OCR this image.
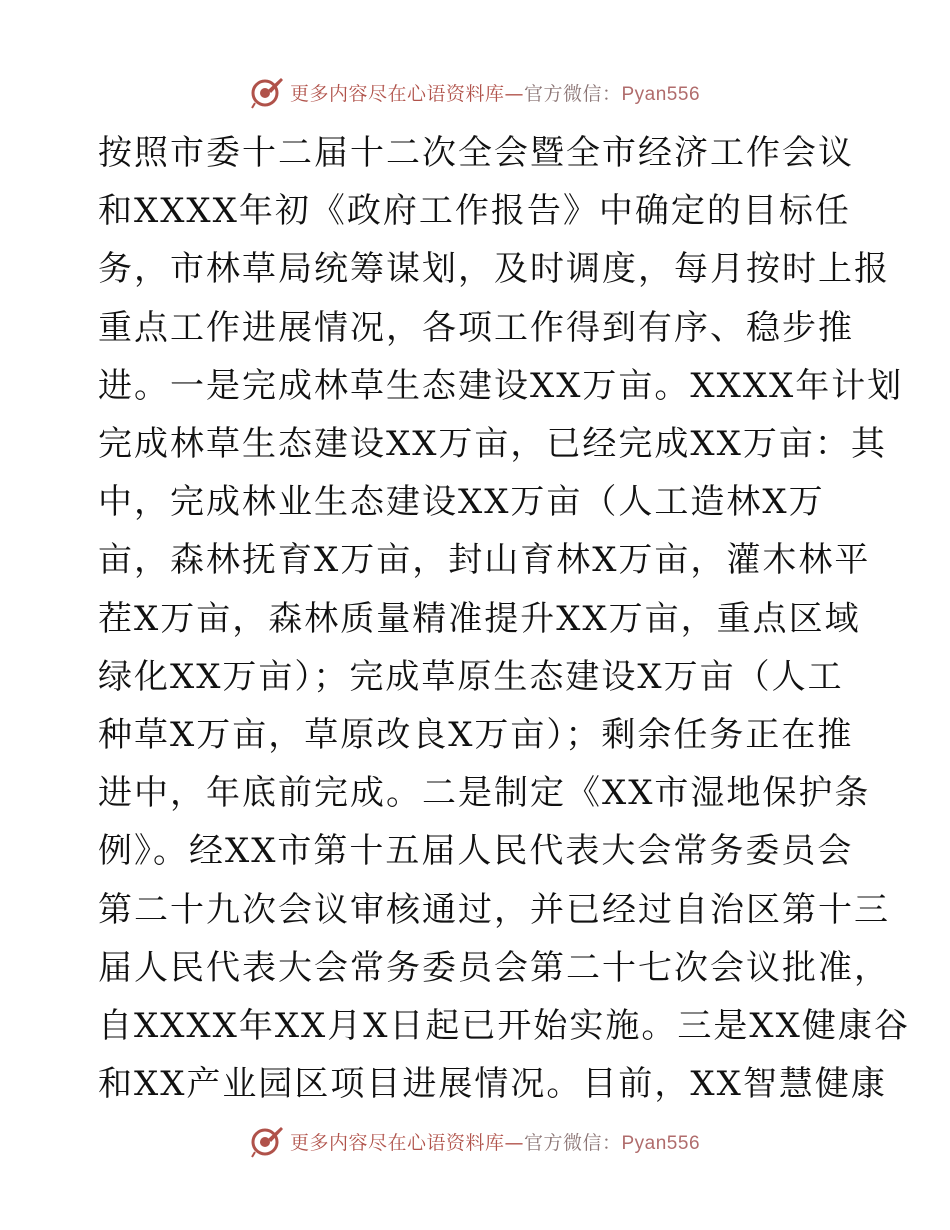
更多内容尽在心语资料库—官方微信：Pyan556
按照市委十二届十二次全会暨全市经济工作会议
和XXXX年初《政府工作报告》中确定的目标任
务，市林草局统筹谋划，及时调度，每月按时上报
重点工作进展情况，各项工作得到有序、稳步推
进。一是完成林草生态建设XX万亩。XXXX年计划
完成林草生态建设XX万亩，已经完成XX万亩：其
中，完成林业生态建设XX万亩（人工造林X万
亩，森林抚育X万亩，封山育林X万亩，灌木林平
茬X万亩，森林质量精准提升XX万亩，重点区域
绿化XX万亩）；完成草原生态建设X万亩（人工
种草X万亩，草原改良X万亩）；剩余任务正在推
进中，年底前完成。二是制定《XX市湿地保护条
例》。经XX市第十五届人民代表大会常务委员会
第二十九次会议审核通过，并已经过自治区第十三
届人民代表大会常务委员会第二十七次会议批准，
自XXXX年XX月X日起已开始实施。三是XX健康谷
和XX产业园区项目进展情况。目前，XX智慧健康
更多内容尽在心语资料库—官方微信：Pyan556
